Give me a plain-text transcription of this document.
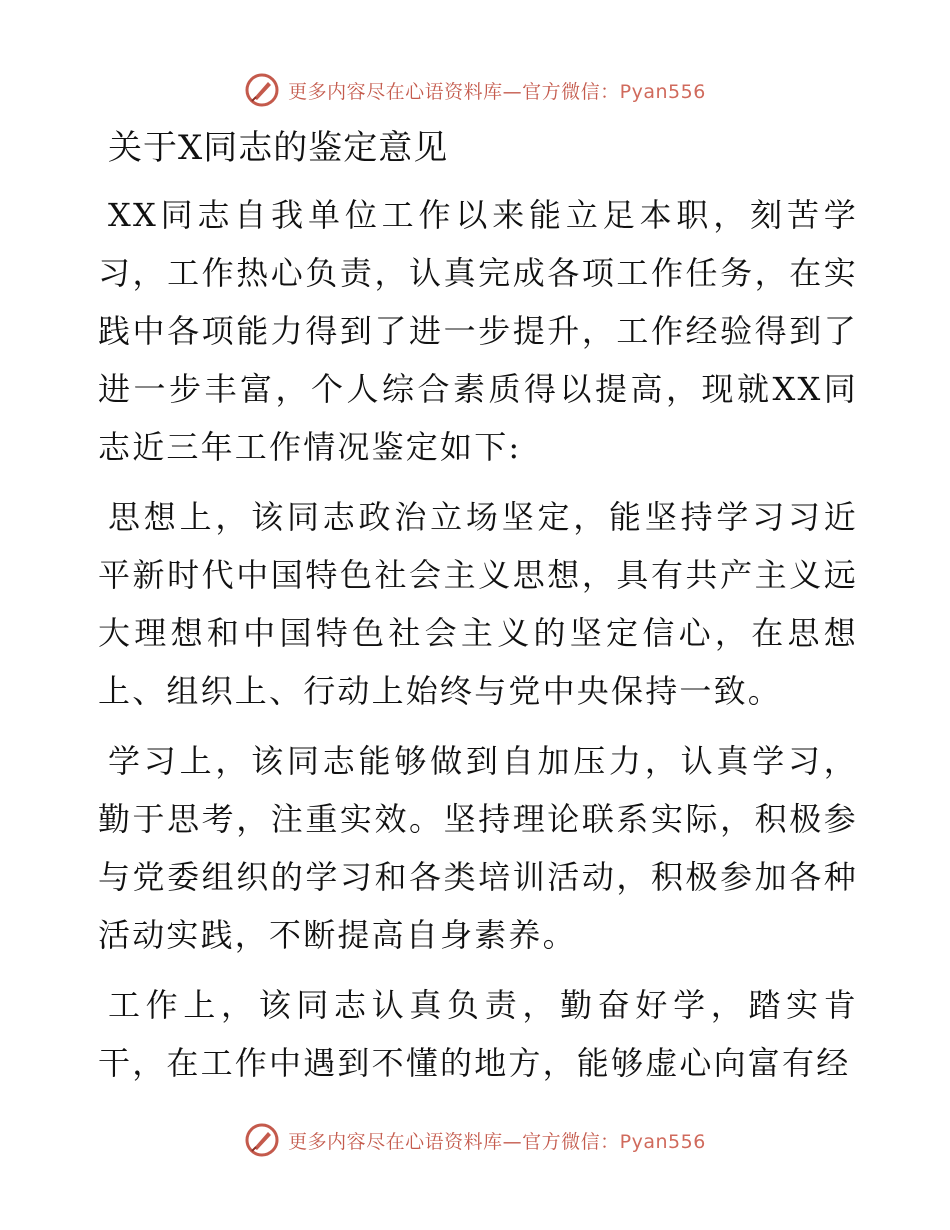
更多内容尽在心语资料库—官方微信：Pyan556
关于X同志的鉴定意见

XX同志自我单位工作以来能立足本职，刻苦学习，工作热心负责，认真完成各项工作任务，在实践中各项能力得到了进一步提升，工作经验得到了进一步丰富，个人综合素质得以提高，现就XX同志近三年工作情况鉴定如下:

思想上，该同志政治立场坚定，能坚持学习习近平新时代中国特色社会主义思想，具有共产主义远大理想和中国特色社会主义的坚定信心，在思想上、组织上、行动上始终与党中央保持一致。

学习上，该同志能够做到自加压力，认真学习，勤于思考，注重实效。坚持理论联系实际，积极参与党委组织的学习和各类培训活动，积极参加各种活动实践，不断提高自身素养。

工作上，该同志认真负责，勤奋好学，踏实肯干，在工作中遇到不懂的地方，能够虚心向富有经

更多内容尽在心语资料库—官方微信：Pyan556
